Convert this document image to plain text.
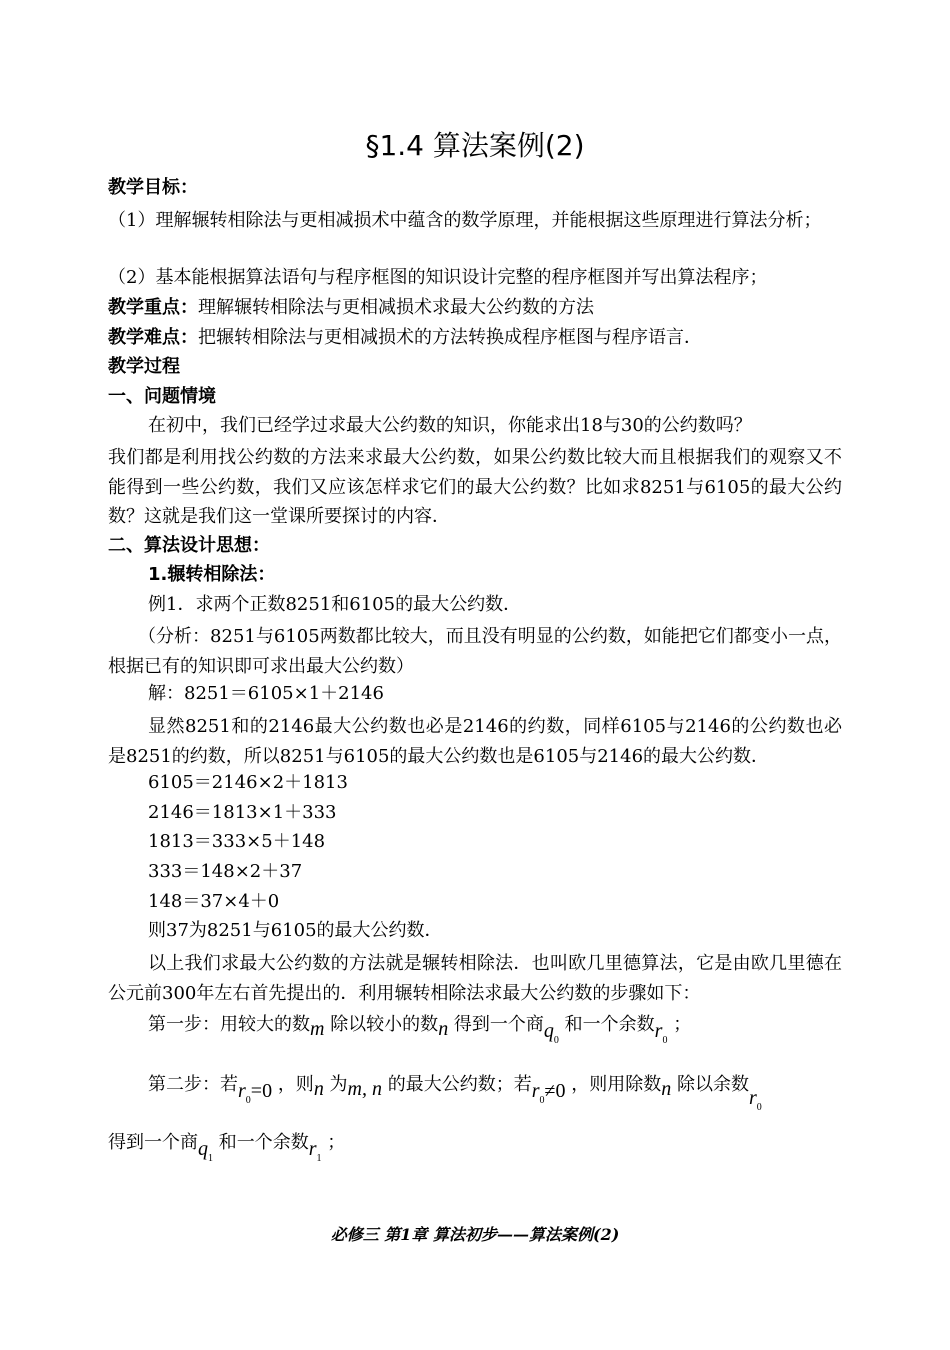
§1.4 算法案例(2)
教学目标：
（1）理解辗转相除法与更相减损术中蕴含的数学原理，并能根据这些原理进行算法分析；
（2）基本能根据算法语句与程序框图的知识设计完整的程序框图并写出算法程序；
教学重点：理解辗转相除法与更相减损术求最大公约数的方法
教学难点：把辗转相除法与更相减损术的方法转换成程序框图与程序语言．
教学过程
一、问题情境
在初中，我们已经学过求最大公约数的知识，你能求出18与30的公约数吗？
我们都是利用找公约数的方法来求最大公约数，如果公约数比较大而且根据我们的观察又不能得到一些公约数，我们又应该怎样求它们的最大公约数？比如求8251与6105的最大公约数？这就是我们这一堂课所要探讨的内容．
二、算法设计思想：
1.辗转相除法：
例1．求两个正数8251和6105的最大公约数．
（分析：8251与6105两数都比较大，而且没有明显的公约数，如能把它们都变小一点，根据已有的知识即可求出最大公约数）
解：8251＝6105×1＋2146
显然8251和的2146最大公约数也必是2146的约数，同样6105与2146的公约数也必是8251的约数，所以8251与6105的最大公约数也是6105与2146的最大公约数．
6105＝2146×2＋1813
2146＝1813×1＋333
1813＝333×5＋148
333＝148×2＋37
148＝37×4＋0
则37为8251与6105的最大公约数．
以上我们求最大公约数的方法就是辗转相除法．也叫欧几里德算法，它是由欧几里德在公元前300年左右首先提出的．利用辗转相除法求最大公约数的步骤如下：
第一步：用较大的数m 除以较小的数n 得到一个商$q_0$ 和一个余数$r_0$ ；
第二步：若$r_0=0$ ，则n 为m, n 的最大公约数；若$r_0\ne 0$ ，则用除数n 除以余数$r_0$
得到一个商$q_1$ 和一个余数$r_1$ ；
必修三 第1章 算法初步——算法案例(2)
